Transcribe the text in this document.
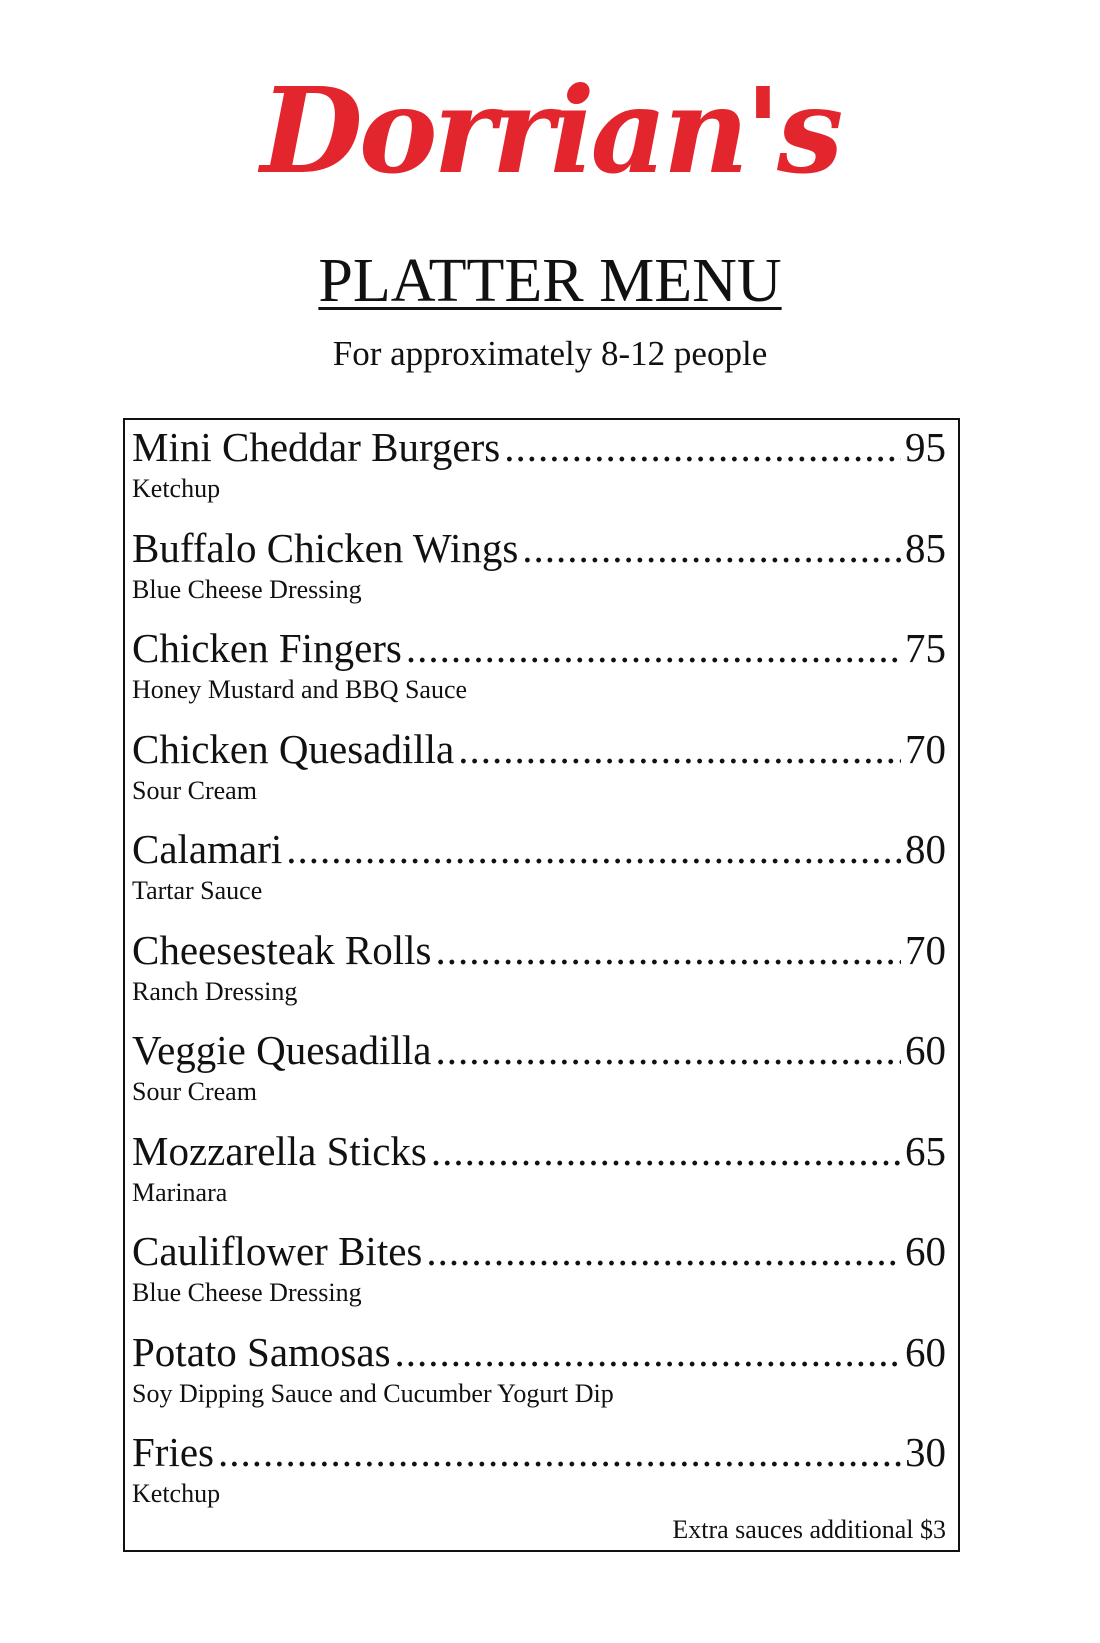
Dorrian's
PLATTER MENU
For approximately 8-12 people
Mini Cheddar Burgers .....	95
Ketchup
Buffalo Chicken Wings .....	85
Blue Cheese Dressing
Chicken Fingers .....	75
Honey Mustard and BBQ Sauce
Chicken Quesadilla .....	70
Sour Cream
Calamari .....	80
Tartar Sauce
Cheesesteak Rolls .....	70
Ranch Dressing
Veggie Quesadilla .....	60
Sour Cream
Mozzarella Sticks .....	65
Marinara
Cauliflower Bites .....	60
Blue Cheese Dressing
Potato Samosas .....	60
Soy Dipping Sauce and Cucumber Yogurt Dip
Fries .....	30
Ketchup
Extra sauces additional $3
